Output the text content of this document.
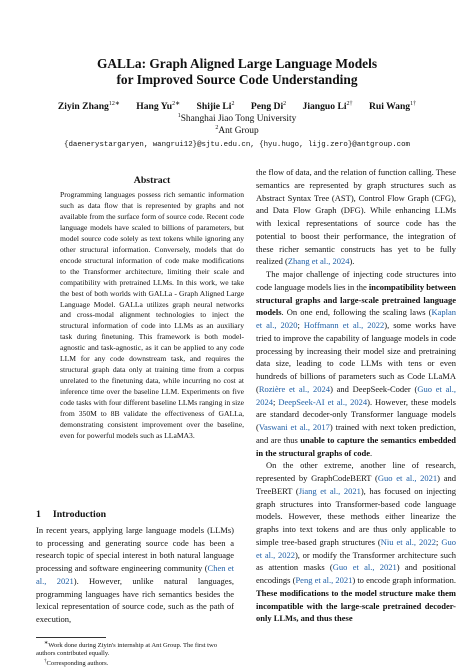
GALLa: Graph Aligned Large Language Models
for Improved Source Code Understanding
Ziyin Zhang$^{12∗}$ Hang $Yu^{2∗}$ Shijie Li$^2$ Peng Di$^2$ Jianguo $Li^{2\dagger}$ Rui Wang$^{1\dagger}$
$^1$Shanghai Jiao Tong University
$^2$Ant Group
{daenerystargaryen, wangrui12}@sjtu.edu.cn, {hyu.hugo, lijg.zero}@antgroup.com
Abstract
Programming languages possess rich semantic information such as data flow that is represented by graphs and not available from the surface form of source code. Recent code language models have scaled to billions of parameters, but model source code solely as text tokens while ignoring any other structural information. Conversely, models that do encode structural information of code make modifications to the Transformer architecture, limiting their scale and compatibility with pretrained LLMs. In this work, we take the best of both worlds with GALLa - Graph Aligned Large Language Model. GALLa utilizes graph neural networks and cross-modal alignment technologies to inject the structural information of code into LLMs as an auxiliary task during finetuning. This framework is both model-agnostic and task-agnostic, as it can be applied to any code LLM for any code downstream task, and requires the structural graph data only at training time from a corpus unrelated to the finetuning data, while incurring no cost at inference time over the baseline LLM. Experiments on five code tasks with four different baseline LLMs ranging in size from 350M to 8B validate the effectiveness of GALLa, demonstrating consistent improvement over the baseline, even for powerful models such as LLaMA3.
1 Introduction
In recent years, applying large language models (LLMs) to processing and generating source code has been a research topic of special interest in both natural language processing and software engineering community (Chen et al., 2021). However, unlike natural languages, programming languages have rich semantics besides the lexical representation of source code, such as the path of execution,

the flow of data, and the relation of function calling. These semantics are represented by graph structures such as Abstract Syntax Tree (AST), Control Flow Graph (CFG), and Data Flow Graph (DFG). While enhancing LLMs with lexical representations of source code has the potential to boost their performance, the integration of these richer semantic constructs has yet to be fully realized (Zhang et al., 2024).

The major challenge of injecting code structures into code language models lies in the incompatibility between structural graphs and large-scale pretrained language models. On one end, following the scaling laws (Kaplan et al., 2020; Hoffmann et al., 2022), some works have tried to improve the capability of language models in code processing by increasing their model size and pretraining data size, leading to code LLMs with tens or even hundreds of billions of parameters such as Code LLaMA (Rozière et al., 2024) and DeepSeek-Coder (Guo et al., 2024; DeepSeek-AI et al., 2024). However, these models are standard decoder-only Transformer language models (Vaswani et al., 2017) trained with next token prediction, and are thus unable to capture the semantics embedded in the structural graphs of code.

On the other extreme, another line of research, represented by GraphCodeBERT (Guo et al., 2021) and TreeBERT (Jiang et al., 2021), has focused on injecting graph structures into Transformer-based code language models. However, these methods either linearize the graphs into text tokens and are thus only applicable to simple tree-based graph structures (Niu et al., 2022; Guo et al., 2022), or modify the Transformer architecture such as attention masks (Guo et al., 2021) and positional encodings (Peng et al., 2021) to encode graph information. These modifications to the model structure make them incompatible with the large-scale pretrained decoder-only LLMs, and thus these

∗Work done during Ziyin's internship at Ant Group. The first two authors contributed equally.
†Corresponding authors.
